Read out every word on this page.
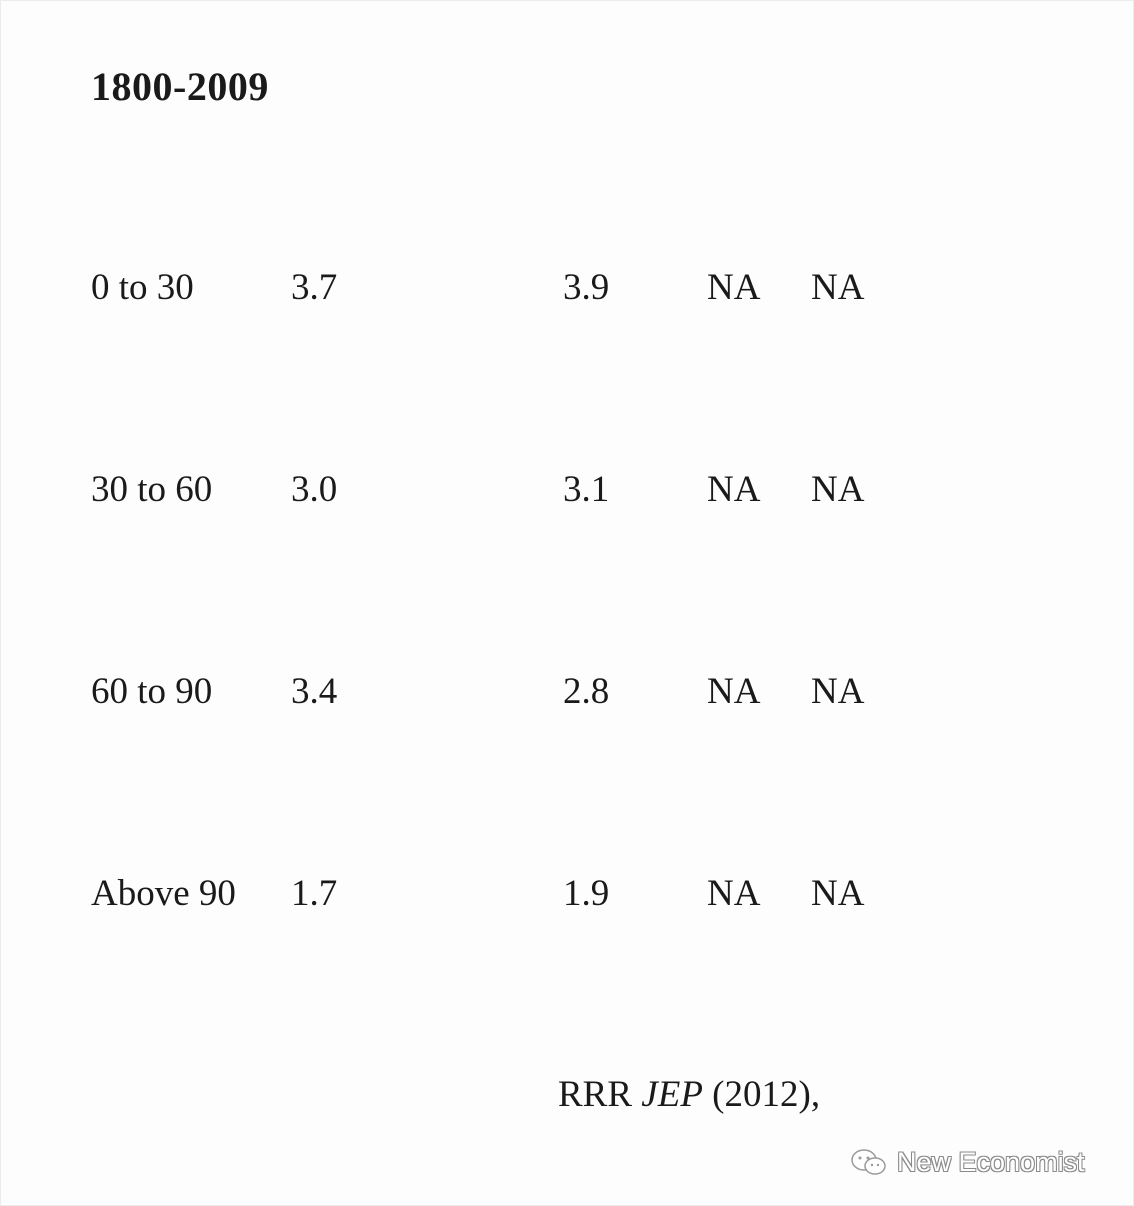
1800-2009
0 to 30	3.7	3.9	NA NA
30 to 60 3.0	3.1	NA NA
60 to 90 3.4	2.8	NA NA
Above 90 1.7	1.9	NA NA
RRR JEP (2012),
New Economist
